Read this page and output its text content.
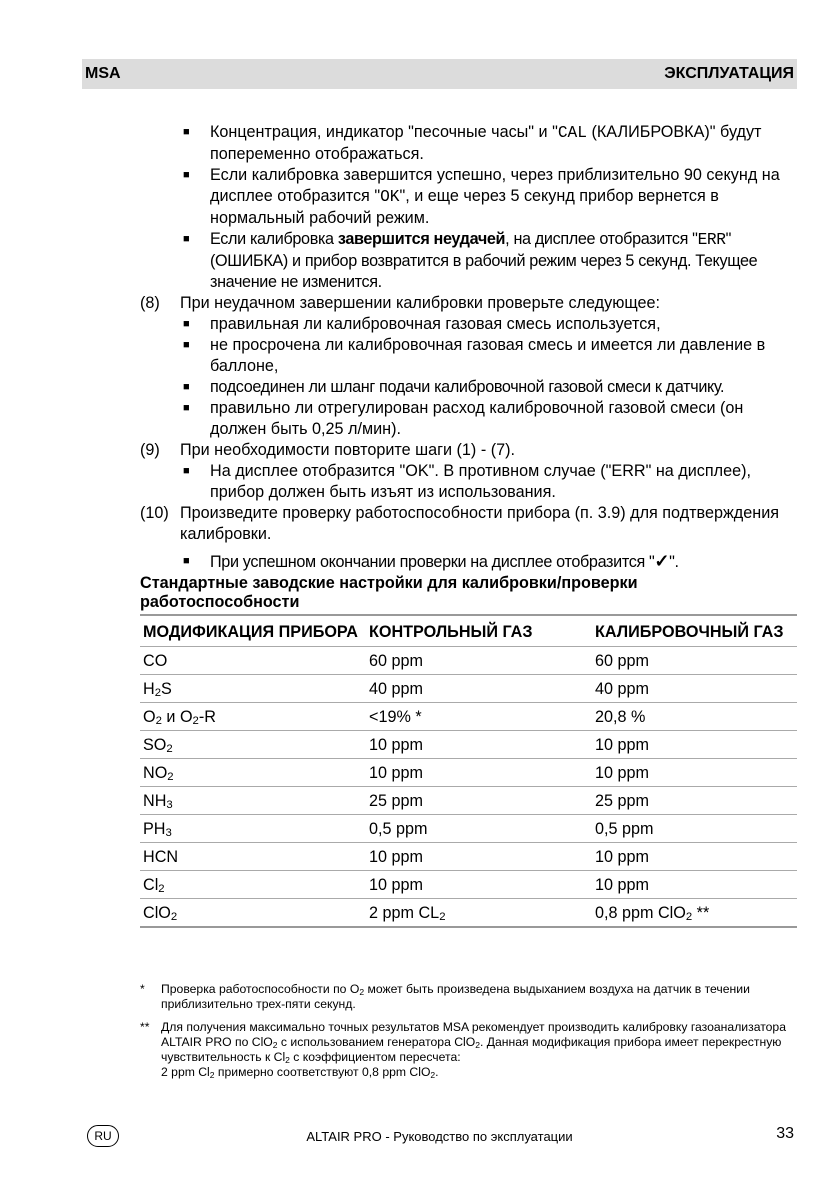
MSA	ЭКСПЛУАТАЦИЯ
■ Концентрация, индикатор "песочные часы" и "CAL (КАЛИБРОВКА)" будут попеременно отображаться.
■ Если калибровка завершится успешно, через приблизительно 90 секунд на дисплее отобразится "OK", и еще через 5 секунд прибор вернется в нормальный рабочий режим.
■ Если калибровка завершится неудачей, на дисплее отобразится "ERR" (ОШИБКА) и прибор возвратится в рабочий режим через 5 секунд. Текущее значение не изменится.
(8) При неудачном завершении калибровки проверьте следующее:
■ правильная ли калибровочная газовая смесь используется,
■ не просрочена ли калибровочная газовая смесь и имеется ли давление в баллоне,
■ подсоединен ли шланг подачи калибровочной газовой смеси к датчику.
■ правильно ли отрегулирован расход калибровочной газовой смеси (он должен быть 0,25 л/мин).
(9) При необходимости повторите шаги (1) - (7).
■ На дисплее отобразится "OK". В противном случае ("ERR" на дисплее), прибор должен быть изъят из использования.
(10) Произведите проверку работоспособности прибора (п. 3.9) для подтверждения калибровки.
■ При успешном окончании проверки на дисплее отобразится "✓".
Стандартные заводские настройки для калибровки/проверки работоспособности
МОДИФИКАЦИЯ ПРИБОРА	КОНТРОЛЬНЫЙ ГАЗ	КАЛИБРОВОЧНЫЙ ГАЗ
CO	60 ppm	60 ppm
$H_2S$	40 ppm	40 ppm
$O_2$ и $O_2-R$	<19% *	20,8 %
$SO_2$	10 ppm	10 ppm
$NO_2$	10 ppm	10 ppm
$NH_3$	25 ppm	25 ppm
$PH_3$	0,5 ppm	0,5 ppm
HCN	10 ppm	10 ppm
$Cl_2$	10 ppm	10 ppm
ClO$_2$	2 ppm $CL_2$	0,8 ppm ClO$_2$ **
* Проверка работоспособности по $O_2$ может быть произведена выдыханием воздуха на датчик в течении приблизительно трех-пяти секунд.
** Для получения максимально точных результатов MSA рекомендует производить калибровку газоанализатора ALTAIR PRO по ClO$_2$ с использованием генератора ClO$_2$. Данная модификация прибора имеет перекрестную чувствительность к $Cl_2$ с коэффициентом пересчета:
2 ppm $Cl_2$ примерно соответствуют 0,8 ppm ClO$_2$.
RU	ALTAIR PRO - Руководство по эксплуатации	33
